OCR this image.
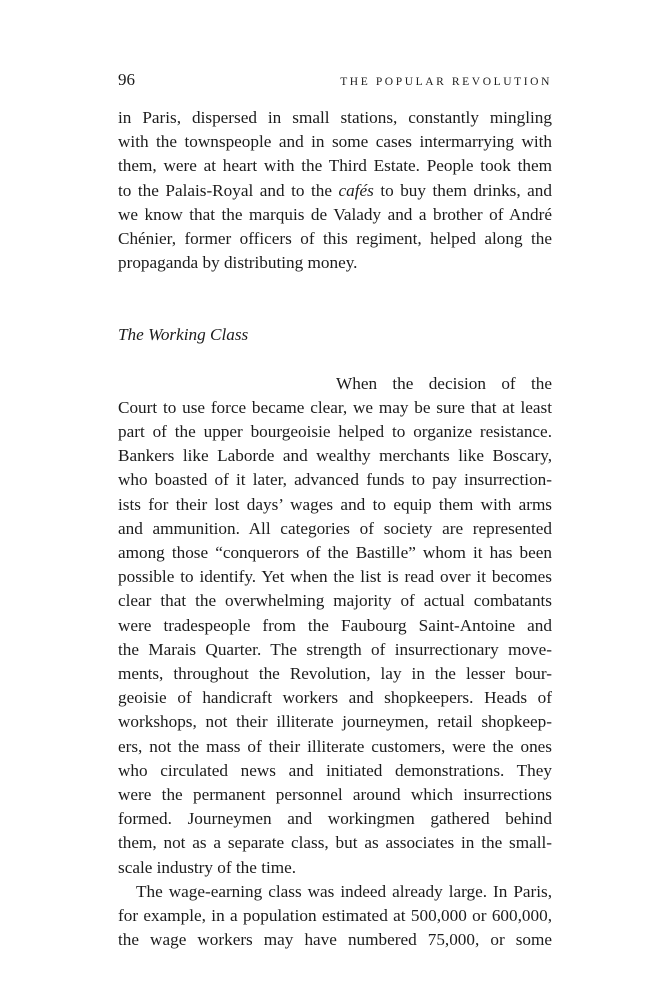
96	THE POPULAR REVOLUTION

in Paris, dispersed in small stations, constantly mingling

with the townspeople and in some cases intermarrying with

them, were at heart with the Third Estate. People took them

to the Palais-Royal and to the cafés to buy them drinks, and

we know that the marquis de Valady and a brother of André

Chénier, former officers of this regiment, helped along the

propaganda by distributing money.

The Working Class

When the decision of the

Court to use force became clear, we may be sure that at least

part of the upper bourgeoisie helped to organize resistance.

Bankers like Laborde and wealthy merchants like Boscary,

who boasted of it later, advanced funds to pay insurrection-

ists for their lost days’ wages and to equip them with arms

and ammunition. All categories of society are represented

among those “conquerors of the Bastille” whom it has been

possible to identify. Yet when the list is read over it becomes

clear that the overwhelming majority of actual combatants

were tradespeople from the Faubourg Saint-Antoine and

the Marais Quarter. The strength of insurrectionary move-

ments, throughout the Revolution, lay in the lesser bour-

geoisie of handicraft workers and shopkeepers. Heads of

workshops, not their illiterate journeymen, retail shopkeep-

ers, not the mass of their illiterate customers, were the ones

who circulated news and initiated demonstrations. They

were the permanent personnel around which insurrections

formed. Journeymen and workingmen gathered behind

them, not as a separate class, but as associates in the small-

scale industry of the time.

The wage-earning class was indeed already large. In Paris,

for example, in a population estimated at 500,000 or 600,000,

the wage workers may have numbered 75,000, or some
